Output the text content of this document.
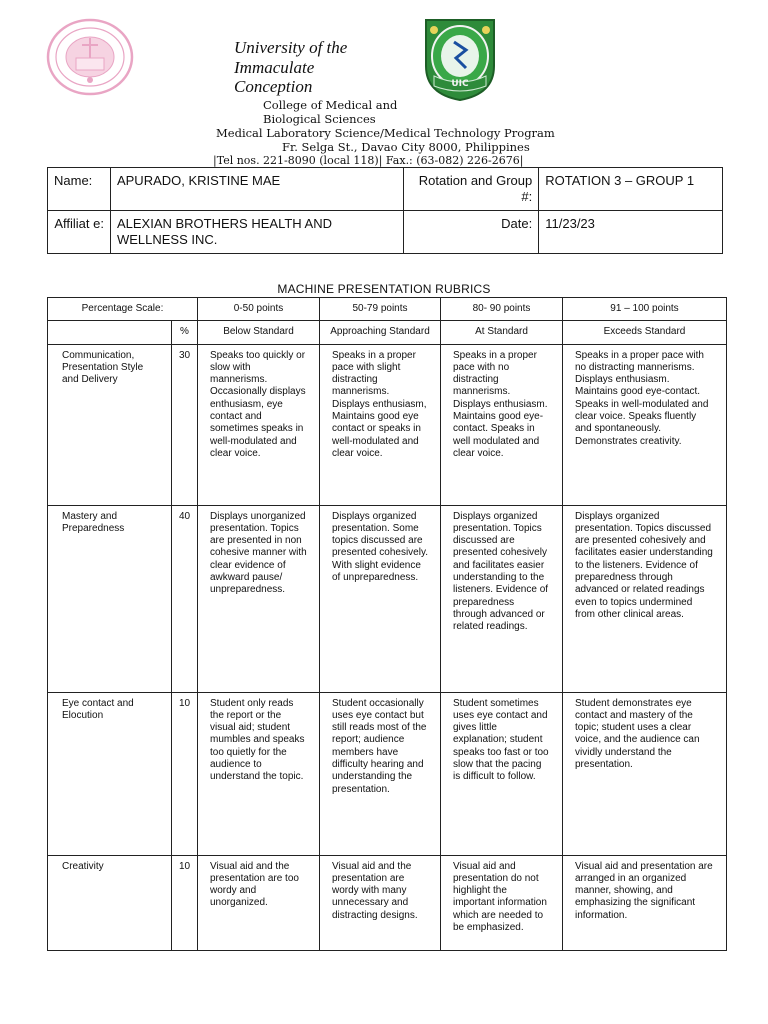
University of the
Immaculate
Conception	UIC
College of Medical and
Biological Sciences
Medical Laboratory Science/Medical Technology Program
Fr. Selga St., Davao City 8000, Philippines
|Tel nos. 221-8090 (local 118)| Fax.: (63-082) 226-2676|
Name:	APURADO, KRISTINE MAE	Rotation and Group #:	ROTATION 3 – GROUP 1
Affiliat e:	ALEXIAN BROTHERS HEALTH AND WELLNESS INC.	Date:	11/23/23
MACHINE PRESENTATION RUBRICS
Percentage Scale:		0-50 points	50-79 points	80- 90 points	91 – 100 points
	%	Below Standard	Approaching Standard	At Standard	Exceeds Standard
Communication, Presentation Style and Delivery	30	Speaks too quickly or slow with mannerisms. Occasionally displays enthusiasm, eye contact and sometimes speaks in well-modulated and clear voice.	Speaks in a proper pace with slight distracting mannerisms. Displays enthusiasm, Maintains good eye contact or speaks in well-modulated and clear voice.	Speaks in a proper pace with no distracting mannerisms. Displays enthusiasm. Maintains good eye-contact. Speaks in well modulated and clear voice.	Speaks in a proper pace with no distracting mannerisms. Displays enthusiasm. Maintains good eye-contact. Speaks in well-modulated and clear voice. Speaks fluently and spontaneously. Demonstrates creativity.
Mastery and Preparedness	40	Displays unorganized presentation. Topics are presented in non cohesive manner with clear evidence of awkward pause/ unpreparedness.	Displays organized presentation. Some topics discussed are presented cohesively. With slight evidence of unpreparedness.	Displays organized presentation. Topics discussed are presented cohesively and facilitates easier understanding to the listeners. Evidence of preparedness through advanced or related readings.	Displays organized presentation. Topics discussed are presented cohesively and facilitates easier understanding to the listeners. Evidence of preparedness through advanced or related readings even to topics undermined from other clinical areas.
Eye contact and Elocution	10	Student only reads the report or the visual aid; student mumbles and speaks too quietly for the audience to understand the topic.	Student occasionally uses eye contact but still reads most of the report; audience members have difficulty hearing and understanding the presentation.	Student sometimes uses eye contact and gives little explanation; student speaks too fast or too slow that the pacing is difficult to follow.	Student demonstrates eye contact and mastery of the topic; student uses a clear voice, and the audience can vividly understand the presentation.
Creativity	10	Visual aid and the presentation are too wordy and unorganized.	Visual aid and the presentation are wordy with many unnecessary and distracting designs.	Visual aid and presentation do not highlight the important information which are needed to be emphasized.	Visual aid and presentation are arranged in an organized manner, showing, and emphasizing the significant information.
